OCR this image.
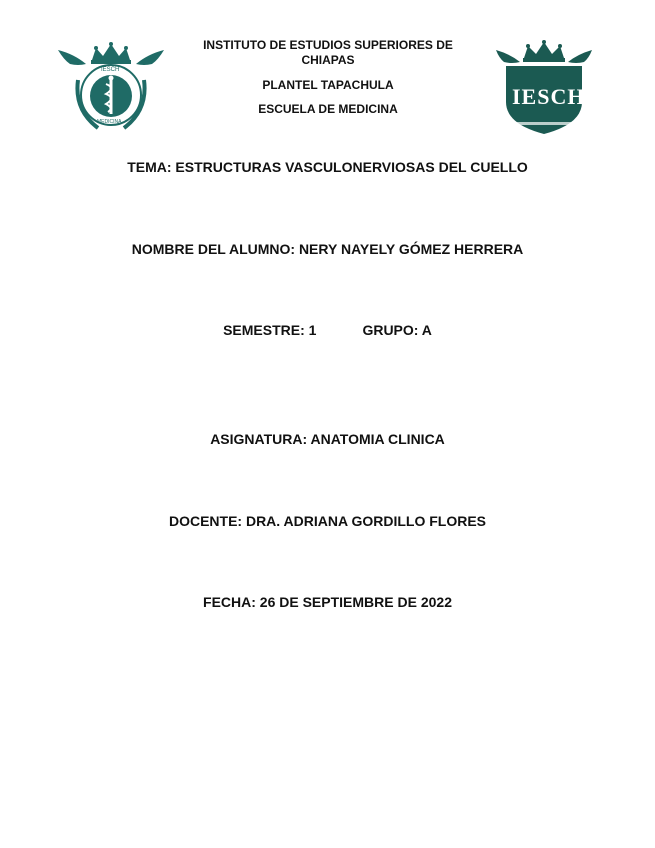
IESCH
MEDICINA
INSTITUTO DE ESTUDIOS SUPERIORES DE CHIAPAS
PLANTEL TAPACHULA
ESCUELA DE MEDICINA	IESCH
TEMA: ESTRUCTURAS VASCULONERVIOSAS DEL CUELLO
NOMBRE DEL ALUMNO: NERY NAYELY GÓMEZ HERRERA
SEMESTRE: 1	GRUPO: A
ASIGNATURA: ANATOMIA CLINICA
DOCENTE: DRA. ADRIANA GORDILLO FLORES
FECHA: 26 DE SEPTIEMBRE DE 2022
